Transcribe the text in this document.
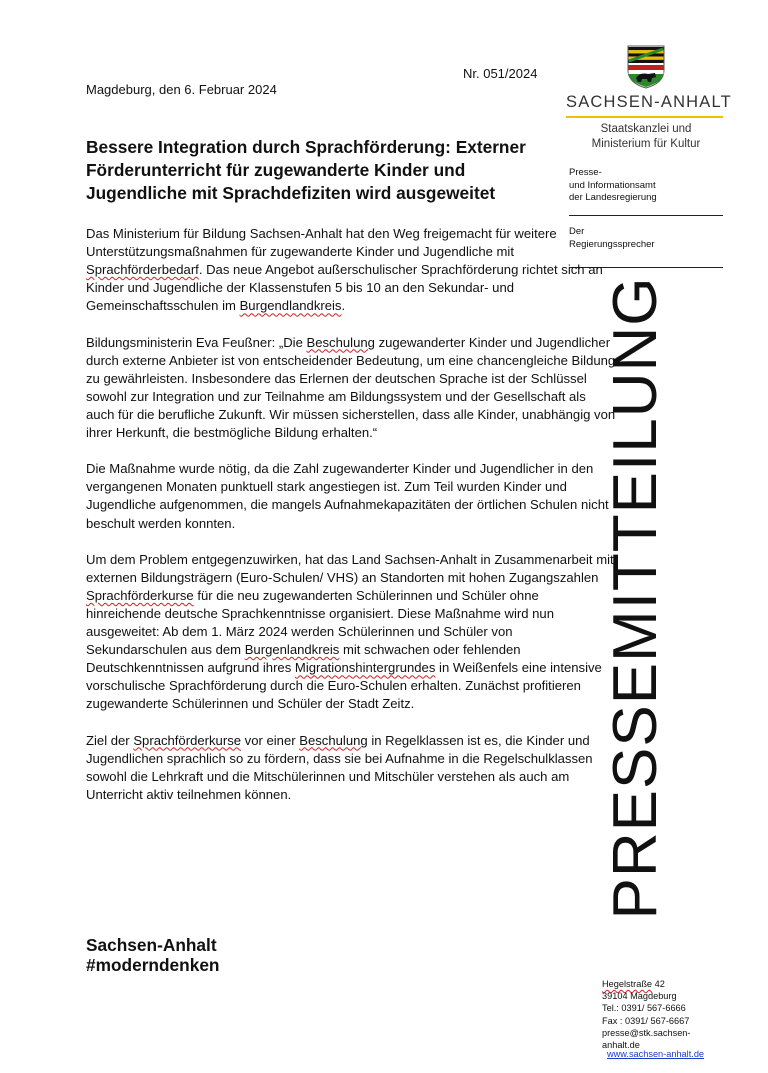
Nr. 051/2024
Magdeburg, den 6. Februar 2024
SACHSEN-ANHALT
Staatskanzlei und
Ministerium für Kultur
Presse-
und Informationsamt
der Landesregierung
Der
Regierungssprecher
Bessere Integration durch Sprachförderung: Externer Förderunterricht für zugewanderte Kinder und Jugendliche mit Sprachdefiziten wird ausgeweitet

Das Ministerium für Bildung Sachsen-Anhalt hat den Weg freigemacht für weitere Unterstützungsmaßnahmen für zugewanderte Kinder und Jugendliche mit Sprachförderbedarf. Das neue Angebot außerschulischer Sprachförderung richtet sich an Kinder und Jugendliche der Klassenstufen 5 bis 10 an den Sekundar- und Gemeinschaftsschulen im Burgendlandkreis.

Bildungsministerin Eva Feußner: „Die Beschulung zugewanderter Kinder und Jugendlicher durch externe Anbieter ist von entscheidender Bedeutung, um eine chancengleiche Bildung zu gewährleisten. Insbesondere das Erlernen der deutschen Sprache ist der Schlüssel sowohl zur Integration und zur Teilnahme am Bildungssystem und der Gesellschaft als auch für die berufliche Zukunft. Wir müssen sicherstellen, dass alle Kinder, unabhängig von ihrer Herkunft, die bestmögliche Bildung erhalten.“

Die Maßnahme wurde nötig, da die Zahl zugewanderter Kinder und Jugendlicher in den vergangenen Monaten punktuell stark angestiegen ist. Zum Teil wurden Kinder und Jugendliche aufgenommen, die mangels Aufnahmekapazitäten der örtlichen Schulen nicht beschult werden konnten.

Um dem Problem entgegenzuwirken, hat das Land Sachsen-Anhalt in Zusammenarbeit mit externen Bildungsträgern (Euro-Schulen/ VHS) an Standorten mit hohen Zugangszahlen Sprachförderkurse für die neu zugewanderten Schülerinnen und Schüler ohne hinreichende deutsche Sprachkenntnisse organisiert. Diese Maßnahme wird nun ausgeweitet: Ab dem 1. März 2024 werden Schülerinnen und Schüler von Sekundarschulen aus dem Burgenlandkreis mit schwachen oder fehlenden Deutschkenntnissen aufgrund ihres Migrationshintergrundes in Weißenfels eine intensive vorschulische Sprachförderung durch die Euro-Schulen erhalten. Zunächst profitieren zugewanderte Schülerinnen und Schüler der Stadt Zeitz.

Ziel der Sprachförderkurse vor einer Beschulung in Regelklassen ist es, die Kinder und Jugendlichen sprachlich so zu fördern, dass sie bei Aufnahme in die Regelschulklassen sowohl die Lehrkraft und die Mitschülerinnen und Mitschüler verstehen als auch am Unterricht aktiv teilnehmen können.	PRESSEMITTEILUNG
Sachsen-Anhalt
#moderndenken
Hegelstraße 42
39104 Magdeburg
Tel.: 0391/ 567-6666
Fax : 0391/ 567-6667
presse@stk.sachsen-
anhalt.de
www.sachsen-anhalt.de
